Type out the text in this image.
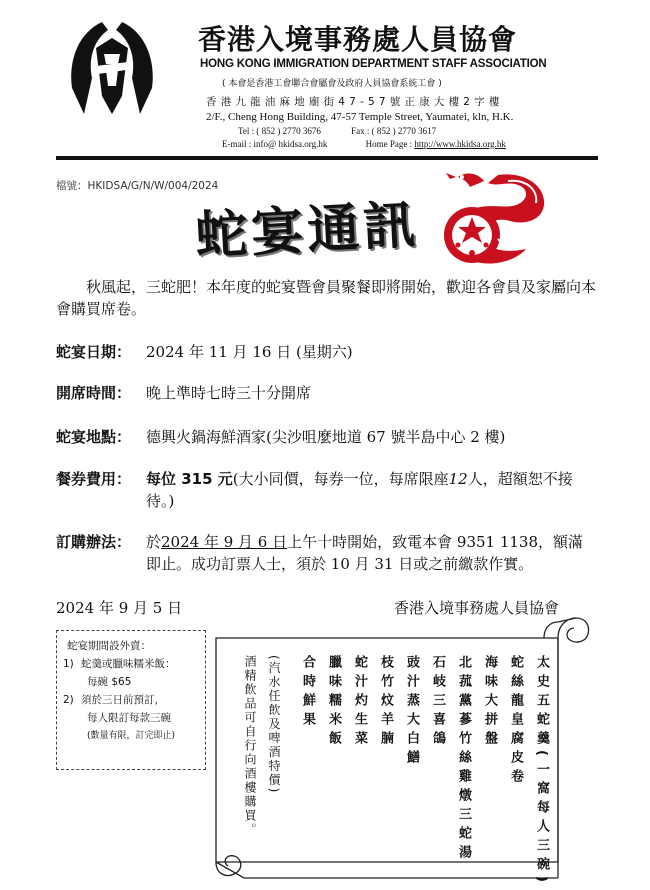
香港入境事務處人員協會
HONG KONG IMMIGRATION DEPARTMENT STAFF ASSOCIATION
( 本會是香港工會聯合會屬會及政府人員協會系統工會 )
香港九龍油麻地廟街47-57號正康大樓2字樓
2/F., Cheng Hong Building, 47-57 Temple Street, Yaumatei, kln, H.K.
Tel : ( 852 ) 2770 3676	Fax : ( 852 ) 2770 3617
E-mail : info@ hkidsa.org.hk	Home Page : http://www.hkidsa.org.hk
檔號：HKIDSA/G/N/W/004/2024
蛇宴通訊
秋風起，三蛇肥！本年度的蛇宴暨會員聚餐即將開始，歡迎各會員及家屬向本會購買席卷。
蛇宴日期： 2024 年 11 月 16 日 (星期六)
開席時間： 晚上準時七時三十分開席
蛇宴地點： 德興火鍋海鮮酒家(尖沙咀麼地道 67 號半島中心 2 樓)
餐券費用： 每位 315 元(大小同價，每券一位，每席限座12人，超額恕不接待。)
訂購辦法： 於2024 年 9 月 6 日上午十時開始，致電本會 9351 1138，額滿即止。成功訂票人士，須於 10 月 31 日或之前繳款作實。
2024 年 9 月 5 日	香港入境事務處人員協會
蛇宴期間設外賣：
1) 蛇羹或臘味糯米飯：
每碗 $65
2) 須於三日前預訂，
每人限訂每款三碗
(數量有限，訂完即止)	太史五蛇羹(一窩每人三碗)
蛇絲龍皇腐皮卷
海味大拼盤
北菰黨蔘竹絲雞燉三蛇湯
石岐三喜鴿
豉汁蒸大白鱔
枝竹炆羊腩
蛇汁灼生菜
臘味糯米飯
合時鮮果
(汽水任飲及啤酒特價)
酒精飲品可自行向酒樓購買。
